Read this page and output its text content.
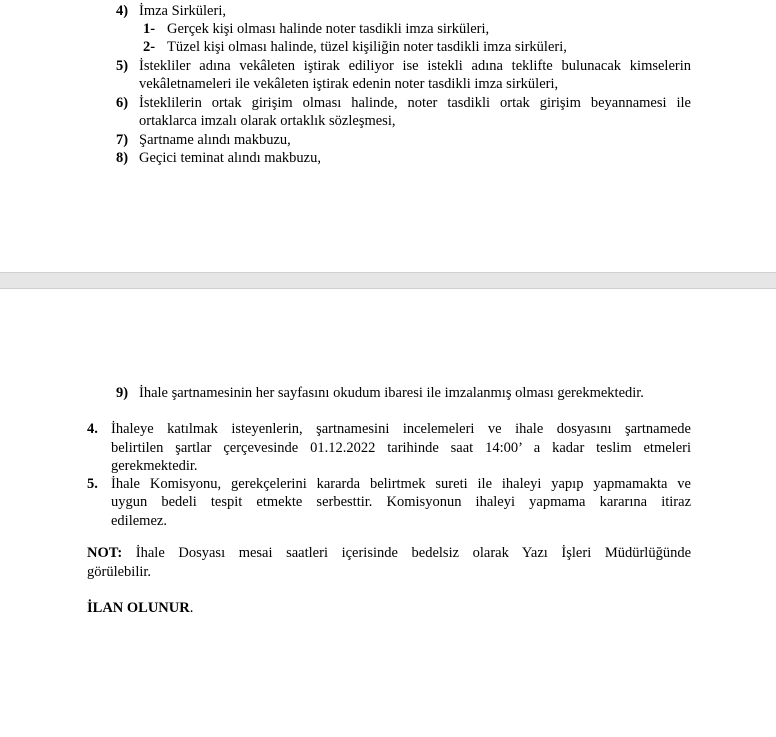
4) İmza Sirküleri,
1- Gerçek kişi olması halinde noter tasdikli imza sirküleri,
2- Tüzel kişi olması halinde, tüzel kişiliğin noter tasdikli imza sirküleri,
5) İstekliler adına vekâleten iştirak ediliyor ise istekli adına teklifte bulunacak kimselerin
vekâletnameleri ile vekâleten iştirak edenin noter tasdikli imza sirküleri,
6) İsteklilerin ortak girişim olması halinde, noter tasdikli ortak girişim beyannamesi ile
ortaklarca imzalı olarak ortaklık sözleşmesi,
7) Şartname alındı makbuzu,
8) Geçici teminat alındı makbuzu,
9) İhale şartnamesinin her sayfasını okudum ibaresi ile imzalanmış olması gerekmektedir.
4. İhaleye katılmak isteyenlerin, şartnamesini incelemeleri ve ihale dosyasını şartnamede
belirtilen şartlar çerçevesinde 01.12.2022 tarihinde saat 14:00’ a kadar teslim etmeleri
gerekmektedir.
5. İhale Komisyonu, gerekçelerini kararda belirtmek sureti ile ihaleyi yapıp yapmamakta ve
uygun bedeli tespit etmekte serbesttir. Komisyonun ihaleyi yapmama kararına itiraz
edilemez.
NOT: İhale Dosyası mesai saatleri içerisinde bedelsiz olarak Yazı İşleri Müdürlüğünde
görülebilir.
İLAN OLUNUR.
